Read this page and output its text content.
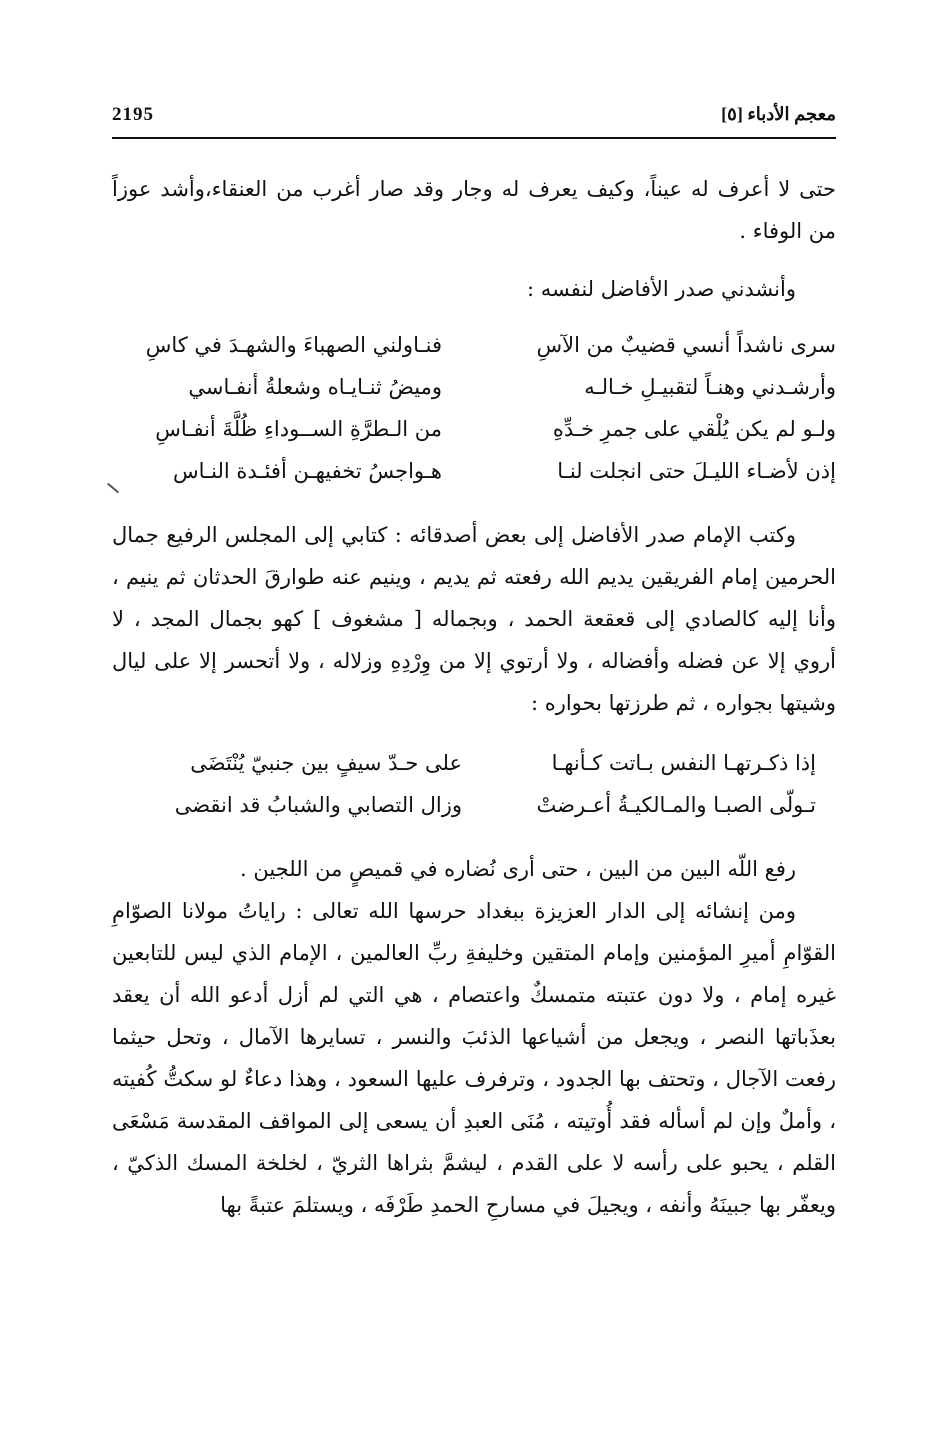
2195	معجم الأدباء [٥]

حتى لا أعرف له عيناً، وكيف يعرف له وجار وقد صار أغرب من العنقاء،وأشد عوزاً من الوفاء .

وأنشدني صدر الأفاضل لنفسه :

سرى ناشداً أنسي قضيبٌ من الآسِ
فنـاولني الصهباءَ والشهـدَ في كاسِ
وأرشـدني وهنـاً لتقبيـلِ خـالـه
وميضُ ثنـايـاه وشعلةُ أنفـاسي
ولـو لم يكن يُلْقي على جمرِ خـدِّهِ
من الـطرَّةِ الســوداءِ ظُلَّةَ أنفـاسِ
إذن لأضـاء الليـلَ حتى انجلت لنـا
هـواجسُ تخفيهـن أفئـدة النـاس

وكتب الإمام صدر الأفاضل إلى بعض أصدقائه : كتابي إلى المجلس الرفيع جمال الحرمين إمام الفريقين يديم الله رفعته ثم يديم ، وينيم عنه طوارقَ الحدثان ثم ينيم ، وأنا إليه كالصادي إلى قعقعة الحمد ، وبجماله [ مشغوف ] كهو بجمال المجد ، لا أروي إلا عن فضله وأفضاله ، ولا أرتوي إلا من وِرْدِهِ وزلاله ، ولا أتحسر إلا على ليال وشيتها بجواره ، ثم طرزتها بحواره :

إذا ذكـرتهـا النفس بـاتت كـأنهـا
على حـدّ سيفٍ بين جنبيّ يُنْتَضَى
تـولّى الصبـا والمـالكيـةُ أعـرضتْ
وزال التصابي والشبابُ قد انقضى

رفع اللّه البين من البين ، حتى أرى نُضاره في قميصٍ من اللجين .

ومن إنشائه إلى الدار العزيزة ببغداد حرسها الله تعالى : راياتُ مولانا الصوّامِ القوّامِ أميرِ المؤمنين وإمام المتقين وخليفةِ ربِّ العالمين ، الإمام الذي ليس للتابعين غيره إمام ، ولا دون عتبته متمسكٌ واعتصام ، هي التي لم أزل أدعو الله أن يعقد بعذَباتها النصر ، ويجعل من أشياعها الذئبَ والنسر ، تسايرها الآمال ، وتحل حيثما رفعت الآجال ، وتحتف بها الجدود ، وترفرف عليها السعود ، وهذا دعاءٌ لو سكتُّ كُفيته ، وأملٌ وإن لم أسأله فقد أُوتيته ، مُنَى العبدِ أن يسعى إلى المواقف المقدسة مَسْعَى القلم ، يحبو على رأسه لا على القدم ، ليشمَّ بثراها الثريّ ، لخلخة المسك الذكيّ ، ويعفّر بها جبينَهُ وأنفه ، ويجيلَ في مسارحِ الحمدِ طَرْفَه ، ويستلمَ عتبةً بها
